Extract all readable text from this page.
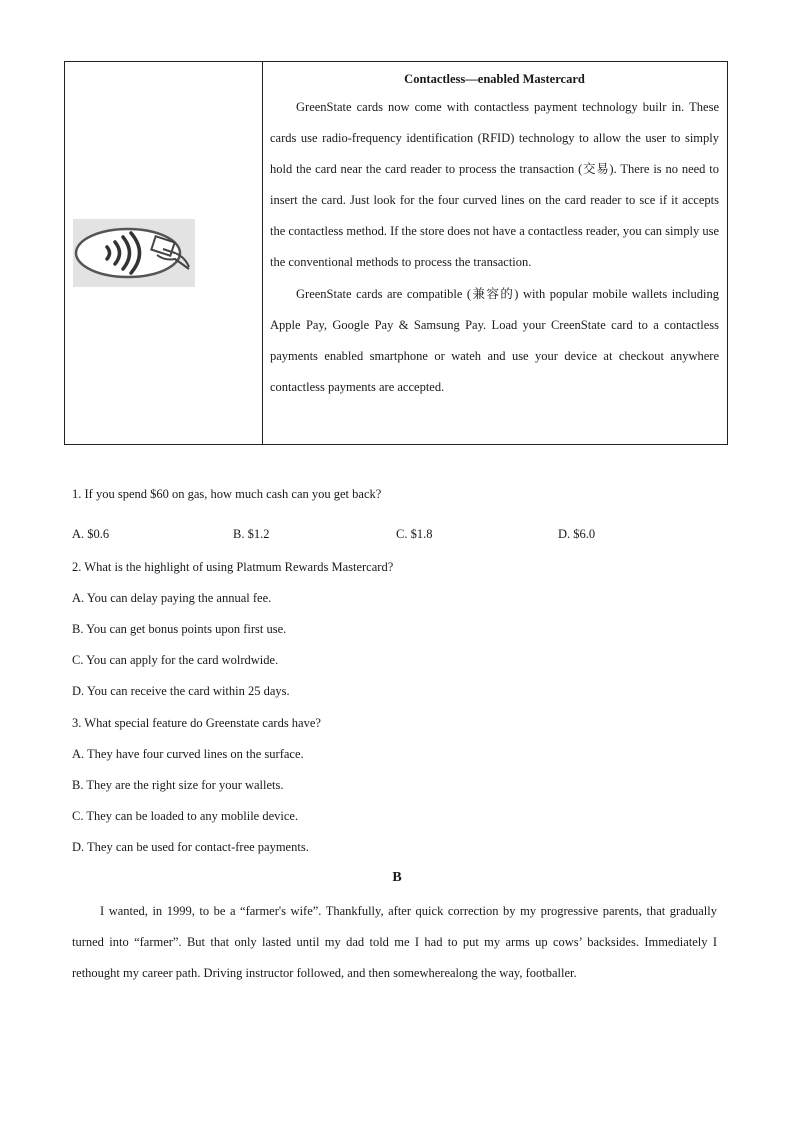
Contactless—enabled Mastercard
GreenState cards now come with contactless payment technology builr in. These cards use radio-frequency identification (RFID) technology to allow the user to simply hold the card near the card reader to process the transaction (交易). There is no need to insert the card. Just look for the four curved lines on the card reader to sce if it accepts the contactless method. If the store does not have a contactless reader, you can simply use the conventional methods to process the transaction.
GreenState cards are compatible (兼容的) with popular mobile wallets including Apple Pay, Google Pay & Samsung Pay. Load your CreenState card to a contactless payments enabled smartphone or wateh and use your device at checkout anywhere contactless payments are accepted.
1. If you spend $60 on gas, how much cash can you get back?
A. $0.6	B. $1.2	C. $1.8	D. $6.0
2. What is the highlight of using Platmum Rewards Mastercard?
A. You can delay paying the annual fee.
B. You can get bonus points upon first use.
C. You can apply for the card wolrdwide.
D. You can receive the card within 25 days.
3. What special feature do Greenstate cards have?
A. They have four curved lines on the surface.
B. They are the right size for your wallets.
C. They can be loaded to any moblile device.
D. They can be used for contact-free payments.
B
I wanted, in 1999, to be a “farmer's wife”. Thankfully, after quick correction by my progressive parents, that gradually turned into “farmer”. But that only lasted until my dad told me I had to put my arms up cows’ backsides. Immediately I rethought my career path. Driving instructor followed, and then somewherealong the way, footballer.
